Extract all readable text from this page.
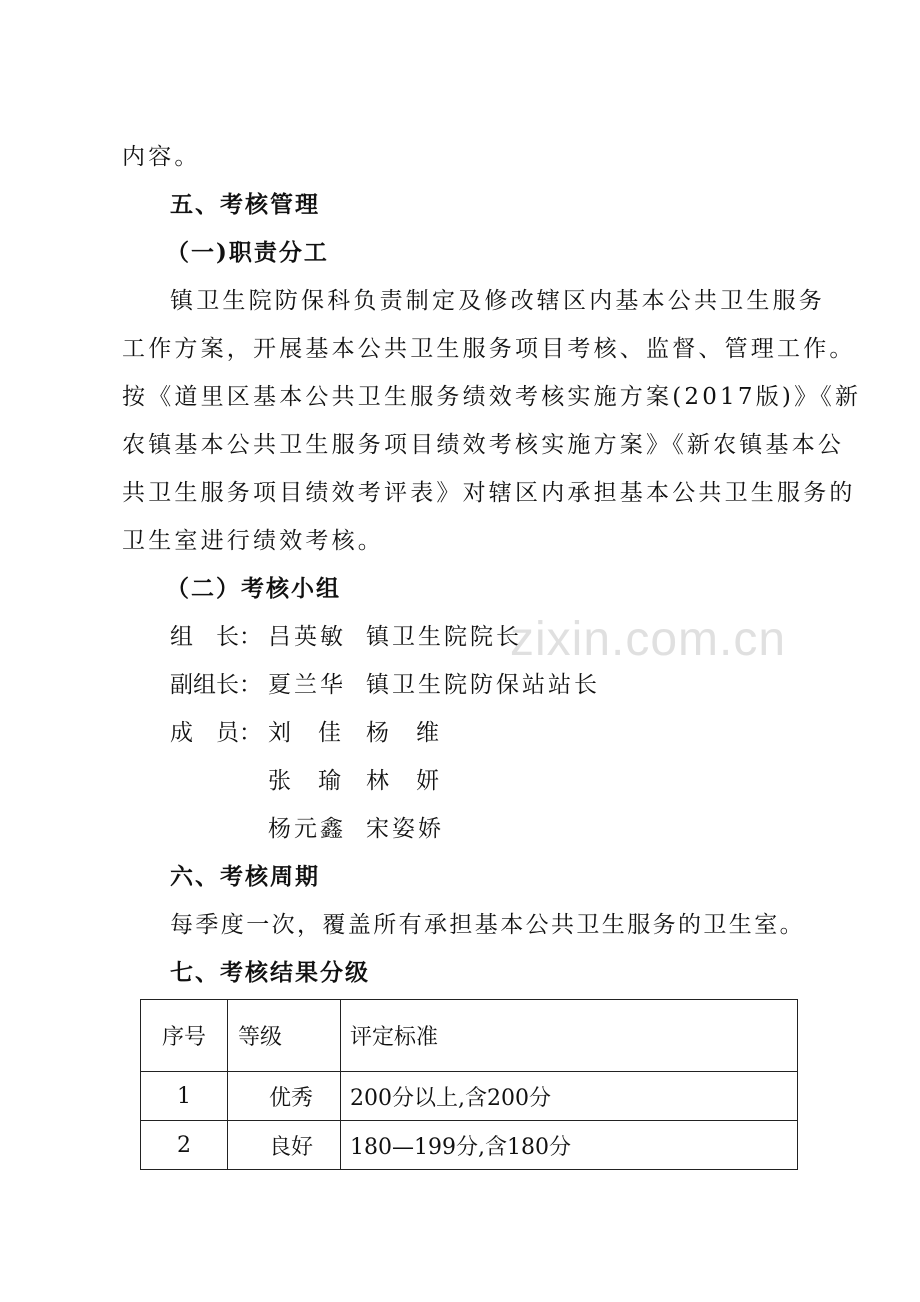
zixin.com.cn
内容。
五、考核管理
（一)职责分工
镇卫生院防保科负责制定及修改辖区内基本公共卫生服务
工作方案，开展基本公共卫生服务项目考核、监督、管理工作。
按《道里区基本公共卫生服务绩效考核实施方案(2017版)》《新
农镇基本公共卫生服务项目绩效考核实施方案》《新农镇基本公
共卫生服务项目绩效考评表》对辖区内承担基本公共卫生服务的
卫生室进行绩效考核。
（二）考核小组
组　长： 吕英敏 镇卫生院院长
副组长： 夏兰华 镇卫生院防保站站长
成　员： 刘　佳 杨　维
张　瑜 林　妍
杨元鑫 宋姿娇
六、考核周期
每季度一次，覆盖所有承担基本公共卫生服务的卫生室。
七、考核结果分级
序号	等级	评定标准
1	优秀	200分以上,含200分
2	良好	180—199分,含180分
